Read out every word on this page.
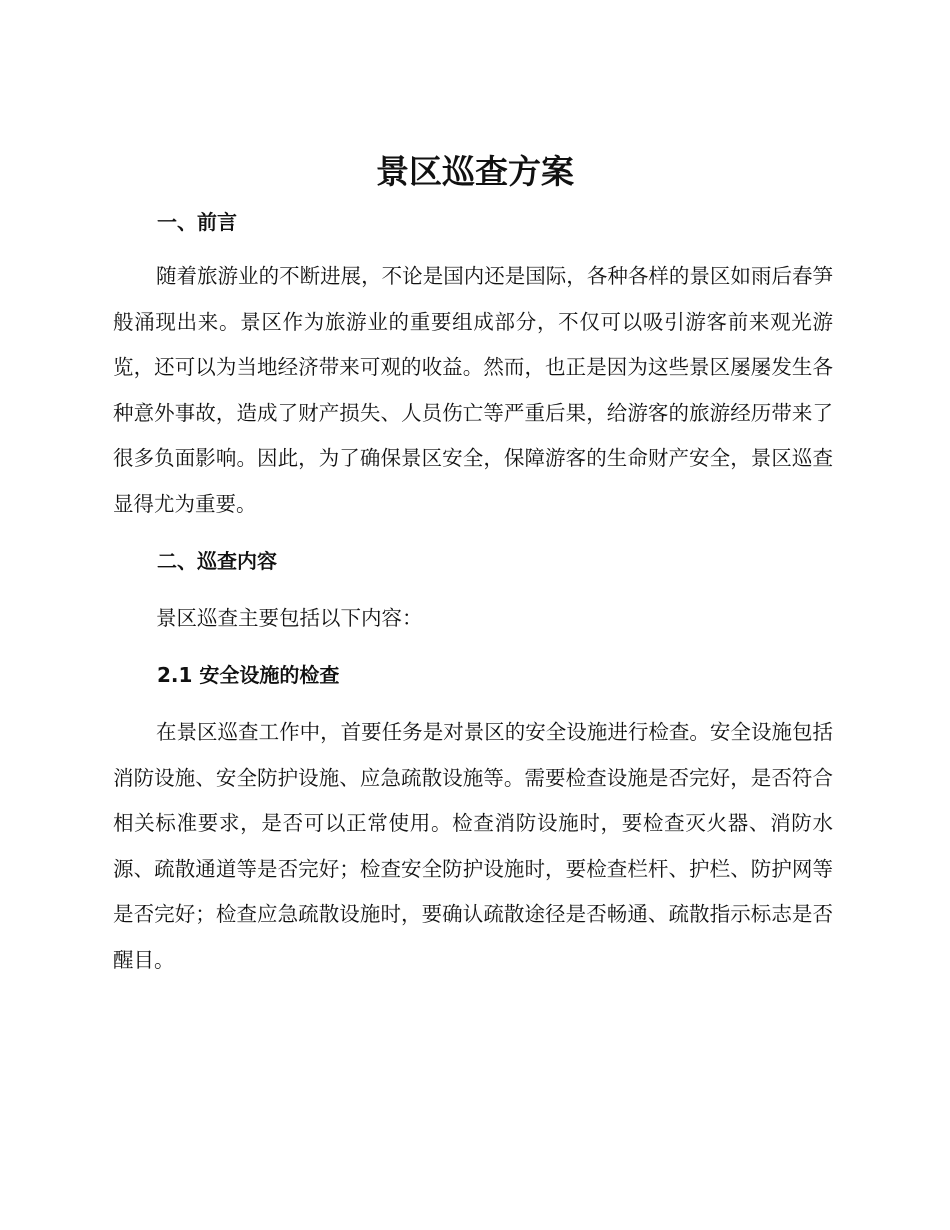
景区巡查方案
一、前言

随着旅游业的不断进展，不论是国内还是国际，各种各样的景区如雨后春笋般涌现出来。景区作为旅游业的重要组成部分，不仅可以吸引游客前来观光游览，还可以为当地经济带来可观的收益。然而，也正是因为这些景区屡屡发生各种意外事故，造成了财产损失、人员伤亡等严重后果，给游客的旅游经历带来了很多负面影响。因此，为了确保景区安全，保障游客的生命财产安全，景区巡查显得尤为重要。

二、巡查内容

景区巡查主要包括以下内容：

2.1 安全设施的检查

在景区巡查工作中，首要任务是对景区的安全设施进行检查。安全设施包括消防设施、安全防护设施、应急疏散设施等。需要检查设施是否完好，是否符合相关标准要求，是否可以正常使用。检查消防设施时，要检查灭火器、消防水源、疏散通道等是否完好；检查安全防护设施时，要检查栏杆、护栏、防护网等是否完好；检查应急疏散设施时，要确认疏散途径是否畅通、疏散指示标志是否醒目。
